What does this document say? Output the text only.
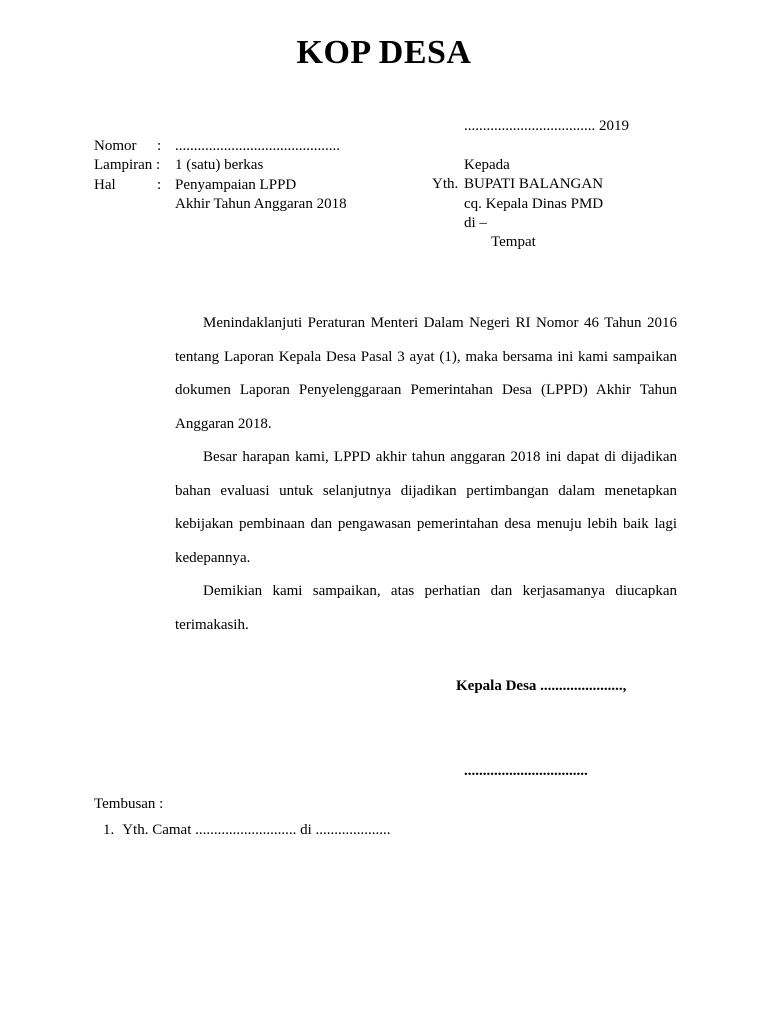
KOP DESA
................................... 2019
Nomor : ............................................
Lampiran : 1 (satu) berkas
Hal	: Penyampaian LPPD
Akhir Tahun Anggaran 2018
Kepada
Yth. BUPATI BALANGAN
cq. Kepala Dinas PMD
di –
Tempat

Menindaklanjuti Peraturan Menteri Dalam Negeri RI Nomor 46 Tahun 2016 tentang Laporan Kepala Desa Pasal 3 ayat (1), maka bersama ini kami sampaikan dokumen Laporan Penyelenggaraan Pemerintahan Desa (LPPD) Akhir Tahun Anggaran 2018.

Besar harapan kami, LPPD akhir tahun anggaran 2018 ini dapat di dijadikan bahan evaluasi untuk selanjutnya dijadikan pertimbangan dalam menetapkan kebijakan pembinaan dan pengawasan pemerintahan desa menuju lebih baik lagi kedepannya.

Demikian kami sampaikan, atas perhatian dan kerjasamanya diucapkan terimakasih.

Kepala Desa ......................,
.................................
Tembusan :
1. Yth. Camat ........................... di ....................
